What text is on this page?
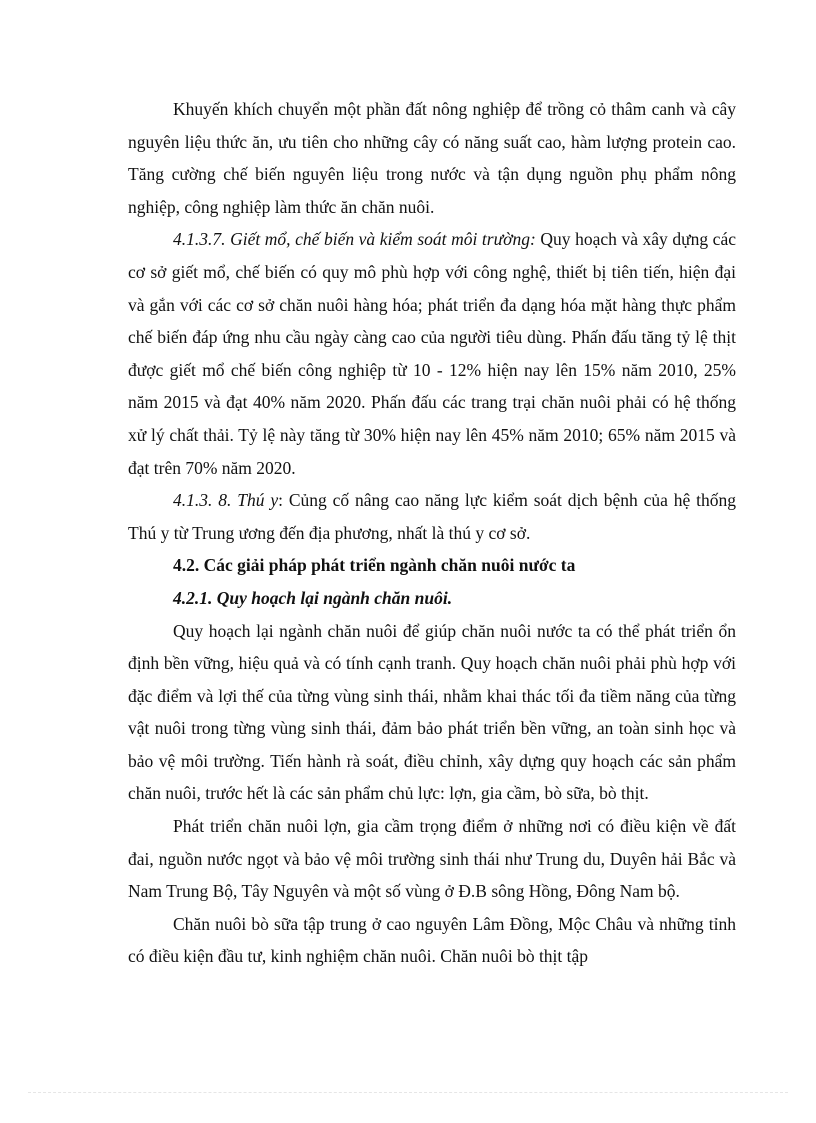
Khuyến khích chuyển một phần đất nông nghiệp để trồng cỏ thâm canh và cây nguyên liệu thức ăn, ưu tiên cho những cây có năng suất cao, hàm lượng protein cao. Tăng cường chế biến nguyên liệu trong nước và tận dụng nguồn phụ phẩm nông nghiệp, công nghiệp làm thức ăn chăn nuôi.

4.1.3.7. Giết mổ, chế biến và kiểm soát môi trường: Quy hoạch và xây dựng các cơ sở giết mổ, chế biến có quy mô phù hợp với công nghệ, thiết bị tiên tiến, hiện đại và gắn với các cơ sở chăn nuôi hàng hóa; phát triển đa dạng hóa mặt hàng thực phẩm chế biến đáp ứng nhu cầu ngày càng cao của người tiêu dùng. Phấn đấu tăng tỷ lệ thịt được giết mổ chế biến công nghiệp từ 10 - 12% hiện nay lên 15% năm 2010, 25% năm 2015 và đạt 40% năm 2020. Phấn đấu các trang trại chăn nuôi phải có hệ thống xử lý chất thải. Tỷ lệ này tăng từ 30% hiện nay lên 45% năm 2010; 65% năm 2015 và đạt trên 70% năm 2020.

4.1.3. 8. Thú y: Củng cố nâng cao năng lực kiểm soát dịch bệnh của hệ thống Thú y từ Trung ương đến địa phương, nhất là thú y cơ sở.

4.2. Các giải pháp phát triển ngành chăn nuôi nước ta

4.2.1. Quy hoạch lại ngành chăn nuôi.

Quy hoạch lại ngành chăn nuôi để giúp chăn nuôi nước ta có thể phát triển ổn định bền vững, hiệu quả và có tính cạnh tranh. Quy hoạch chăn nuôi phải phù hợp với đặc điểm và lợi thế của từng vùng sinh thái, nhằm khai thác tối đa tiềm năng của từng vật nuôi trong từng vùng sinh thái, đảm bảo phát triển bền vững, an toàn sinh học và bảo vệ môi trường. Tiến hành rà soát, điều chỉnh, xây dựng quy hoạch các sản phẩm chăn nuôi, trước hết là các sản phẩm chủ lực: lợn, gia cầm, bò sữa, bò thịt.

Phát triển chăn nuôi lợn, gia cầm trọng điểm ở những nơi có điều kiện về đất đai, nguồn nước ngọt và bảo vệ môi trường sinh thái như Trung du, Duyên hải Bắc và Nam Trung Bộ, Tây Nguyên và một số vùng ở Đ.B sông Hồng, Đông Nam bộ.

Chăn nuôi bò sữa tập trung ở cao nguyên Lâm Đồng, Mộc Châu và những tỉnh có điều kiện đầu tư, kinh nghiệm chăn nuôi. Chăn nuôi bò thịt tập
